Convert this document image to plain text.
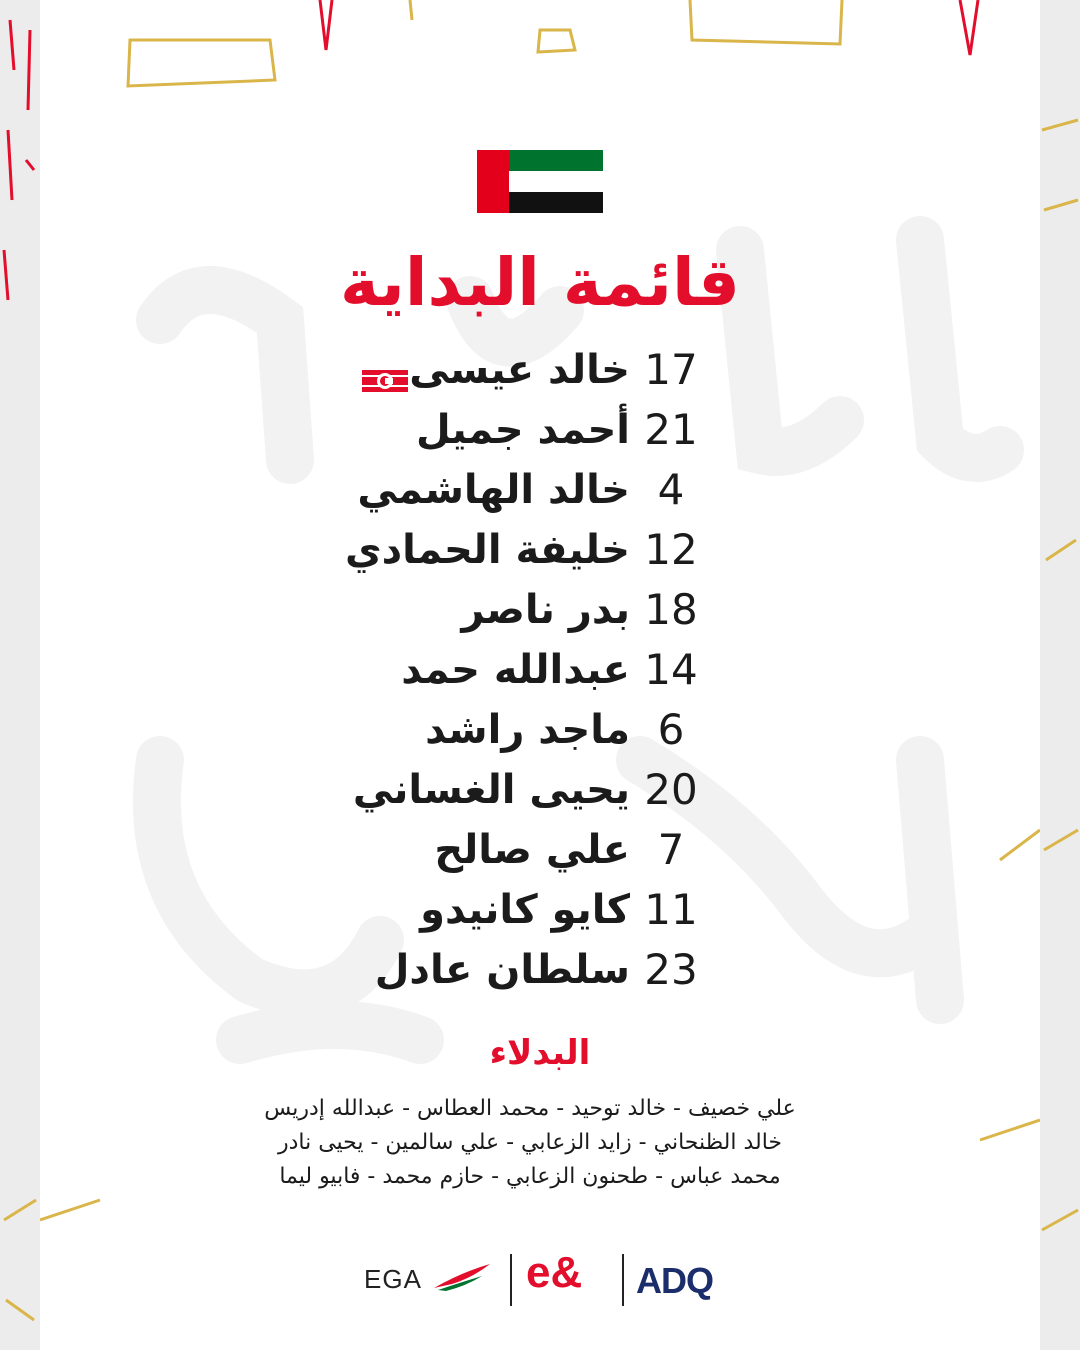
قائمة البداية
17
خالد عيسى
21
أحمد جميل
4
خالد الهاشمي
12
خليفة الحمادي
18
بدر ناصر
14
عبدالله حمد
6
ماجد راشد
20
يحيى الغساني
7
علي صالح
11
كايو كانيدو
23
سلطان عادل
البدلاء
علي خصيف - خالد توحيد - محمد العطاس - عبدالله إدريس
خالد الظنحاني - زايد الزعابي - علي سالمين - يحيى نادر
محمد عباس - طحنون الزعابي - حازم محمد - فابيو ليما
EGA e& ADQ
